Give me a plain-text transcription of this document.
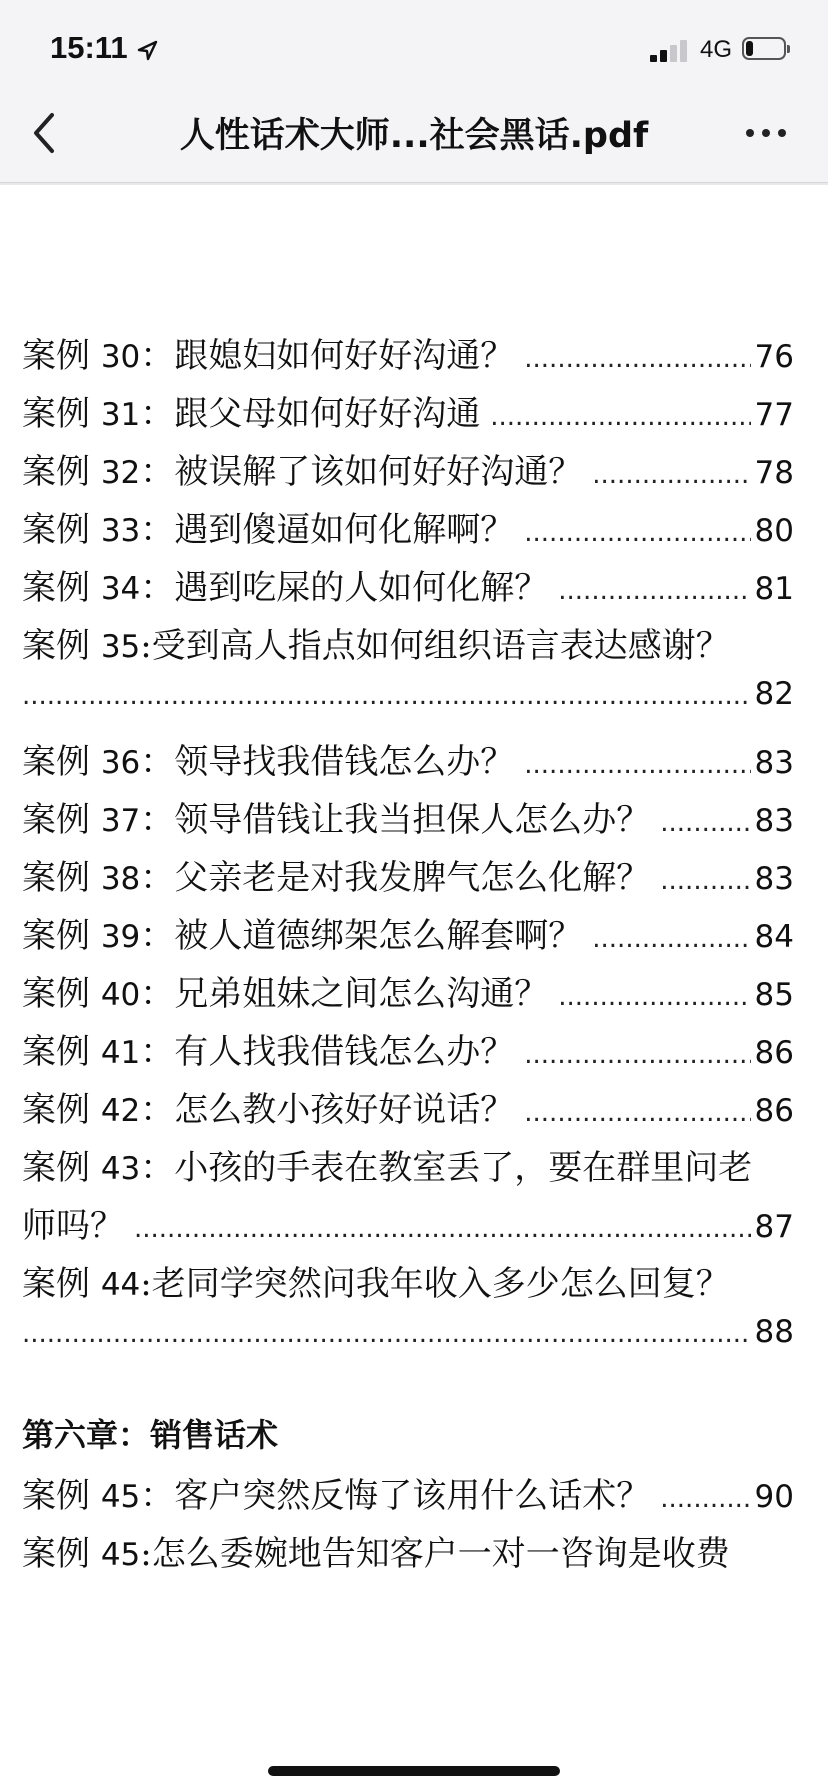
15:11	4G
人性话术大师...社会黑话.pdf
案例 30：跟媳妇如何好好沟通？ .....	76
案例 31：跟父母如何好好沟通 .....	77
案例 32：被误解了该如何好好沟通？ .....	78
案例 33：遇到傻逼如何化解啊？ .....	80
案例 34：遇到吃屎的人如何化解？ .....	81
案例 35:受到高人指点如何组织语言表达感谢？
.....
82
案例 36：领导找我借钱怎么办？ .....	83
案例 37：领导借钱让我当担保人怎么办？ .....	83
案例 38：父亲老是对我发脾气怎么化解？ .....	83
案例 39：被人道德绑架怎么解套啊？ .....	84
案例 40：兄弟姐妹之间怎么沟通？ .....	85
案例 41：有人找我借钱怎么办？ .....	86
案例 42：怎么教小孩好好说话？ .....	86
案例 43：小孩的手表在教室丢了，要在群里问老
师吗？ .....	87
案例 44:老同学突然问我年收入多少怎么回复？
.....
88
第六章：销售话术
案例 45：客户突然反悔了该用什么话术？ .....	90
案例 45:怎么委婉地告知客户一对一咨询是收费
